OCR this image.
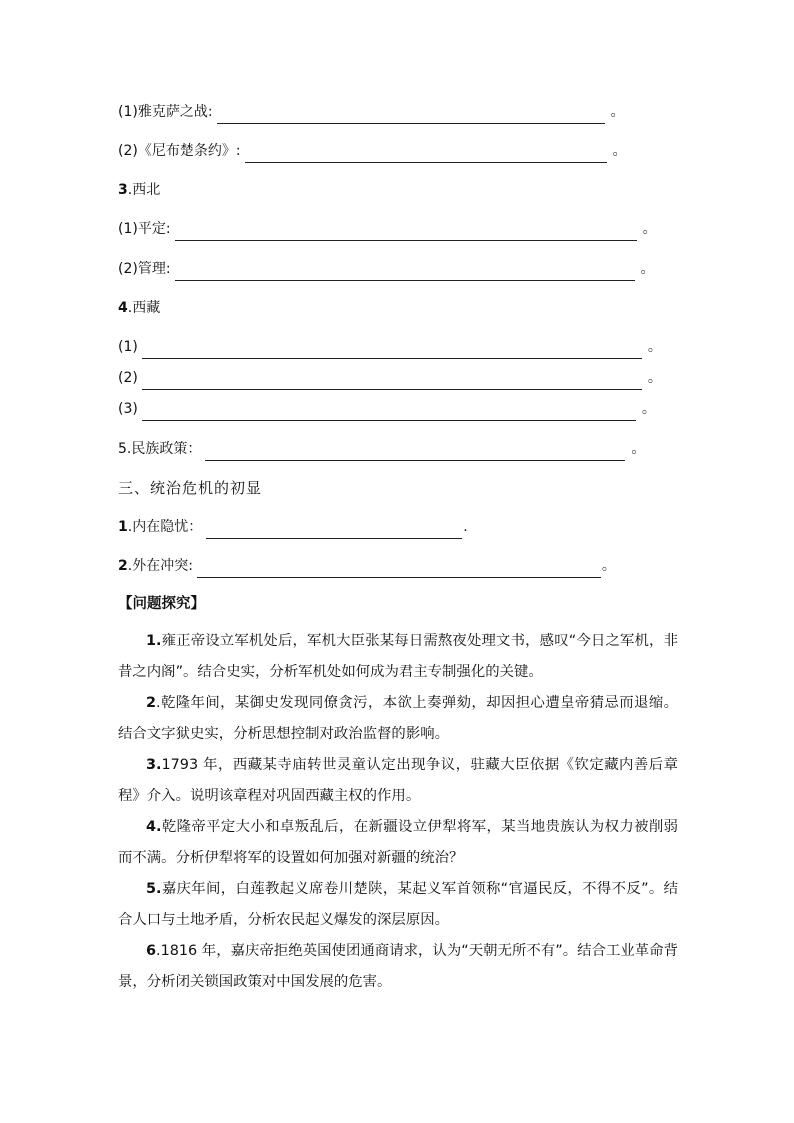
(1)雅克萨之战:	。
(2)《尼布楚条约》:	。
3.西北
(1)平定:	。
(2)管理:	。
4.西藏
(1)	。
(2)	。
(3)	。
5.民族政策：	。
三、统治危机的初显
1.内在隐忧：	.
2.外在冲突:	。
【问题探究】
1.雍正帝设立军机处后，军机大臣张某每日需熬夜处理文书，感叹“今日之军机，非昔之内阁”。结合史实，分析军机处如何成为君主专制强化的关键。
2.乾隆年间，某御史发现同僚贪污，本欲上奏弹劾，却因担心遭皇帝猜忌而退缩。结合文字狱史实，分析思想控制对政治监督的影响。
3.1793 年，西藏某寺庙转世灵童认定出现争议，驻藏大臣依据《钦定藏内善后章程》介入。说明该章程对巩固西藏主权的作用。
4.乾隆帝平定大小和卓叛乱后，在新疆设立伊犁将军，某当地贵族认为权力被削弱而不满。分析伊犁将军的设置如何加强对新疆的统治？
5.嘉庆年间，白莲教起义席卷川楚陕，某起义军首领称“官逼民反，不得不反”。结合人口与土地矛盾，分析农民起义爆发的深层原因。
6.1816 年，嘉庆帝拒绝英国使团通商请求，认为“天朝无所不有”。结合工业革命背景，分析闭关锁国政策对中国发展的危害。
